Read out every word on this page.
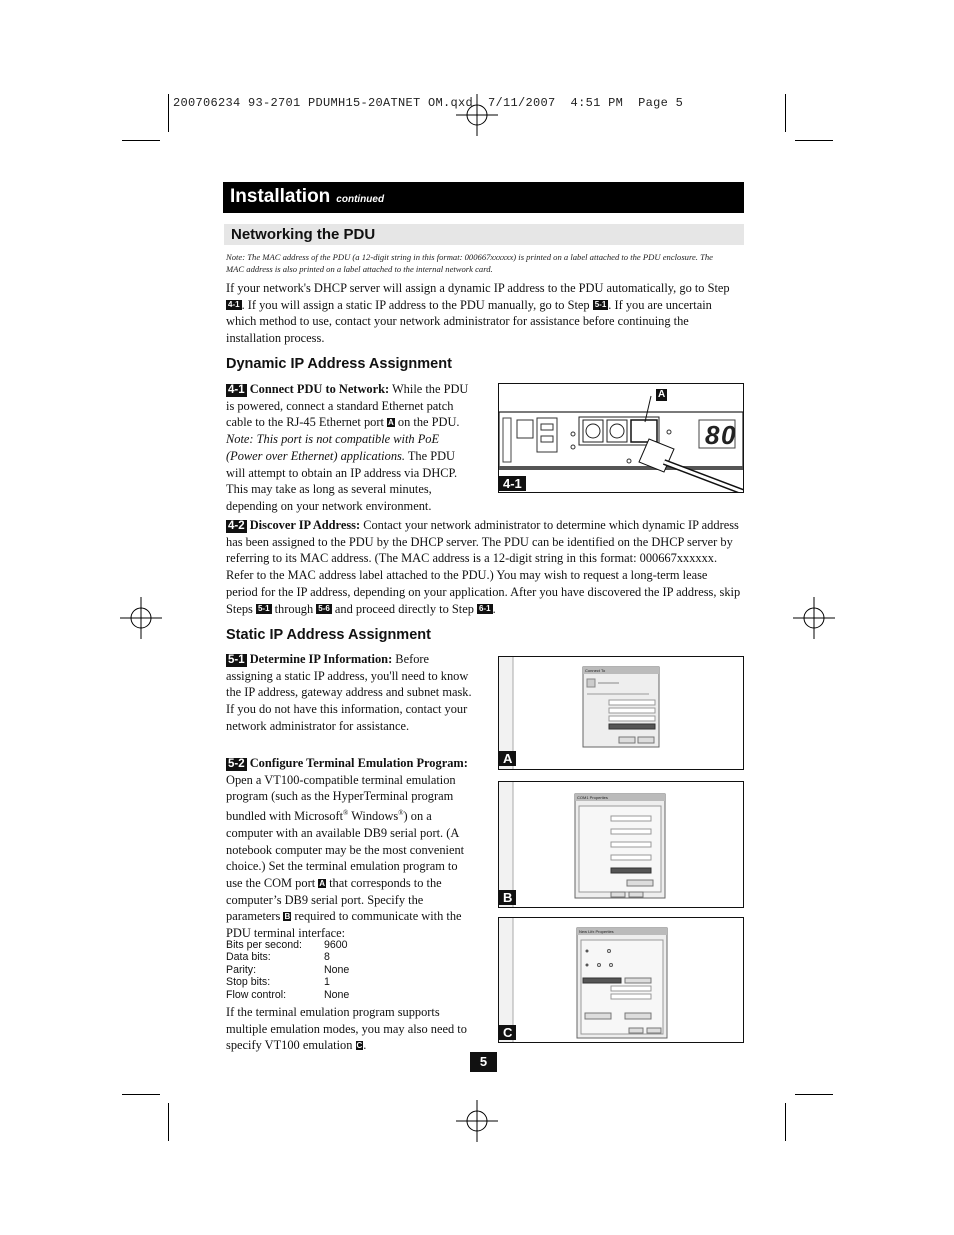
200706234 93-2701 PDUMH15-20ATNET OM.qxd  7/11/2007  4:51 PM  Page 5
Installation continued
Networking the PDU
Note: The MAC address of the PDU (a 12-digit string in this format: 000667xxxxxx) is printed on a label attached to the PDU enclosure. The MAC address is also printed on a label attached to the internal network card.
If your network's DHCP server will assign a dynamic IP address to the PDU automatically, go to Step 4-1 . If you will assign a static IP address to the PDU manually, go to Step 5-1 . If you are uncertain which method to use, contact your network administrator for assistance before continuing the installation process.
Dynamic IP Address Assignment
4-1 Connect PDU to Network: While the PDU is powered, connect a standard Ethernet patch cable to the RJ-45 Ethernet port A on the PDU. Note: This port is not compatible with PoE (Power over Ethernet) applications. The PDU will attempt to obtain an IP address via DHCP. This may take as long as several minutes, depending on your network environment.
8 0
A
4-1
4-2 Discover IP Address: Contact your network administrator to determine which dynamic IP address has been assigned to the PDU by the DHCP server. The PDU can be identified on the DHCP server by referring to its MAC address. (The MAC address is a 12-digit string in this format: 000667xxxxxx. Refer to the MAC address label attached to the PDU.) You may wish to request a long-term lease period for the IP address, depending on your application. After you have discovered the IP address, skip Steps 5-1 through 5-6 and proceed directly to Step 6-1 .
Static IP Address Assignment
5-1 Determine IP Information: Before assigning a static IP address, you'll need to know the IP address, gateway address and subnet mask. If you do not have this information, contact your network administrator for assistance.
5-2 Configure Terminal Emulation Program: Open a VT100-compatible terminal emulation program (such as the HyperTerminal program bundled with Microsoft® Windows®) on a computer with an available DB9 serial port. (A notebook computer may be the most convenient choice.) Set the terminal emulation program to use the COM port A that corresponds to the computer’s DB9 serial port. Specify the parameters B required to communicate with the PDU terminal interface:
Bits per second: 9600
Data bits:	8
Parity:	None
Stop bits:	1
Flow control:	None
If the terminal emulation program supports multiple emulation modes, you may also need to specify VT100 emulation C.
A
Connect To
B
COM1 Properties
C
New Lifx Properties
5
